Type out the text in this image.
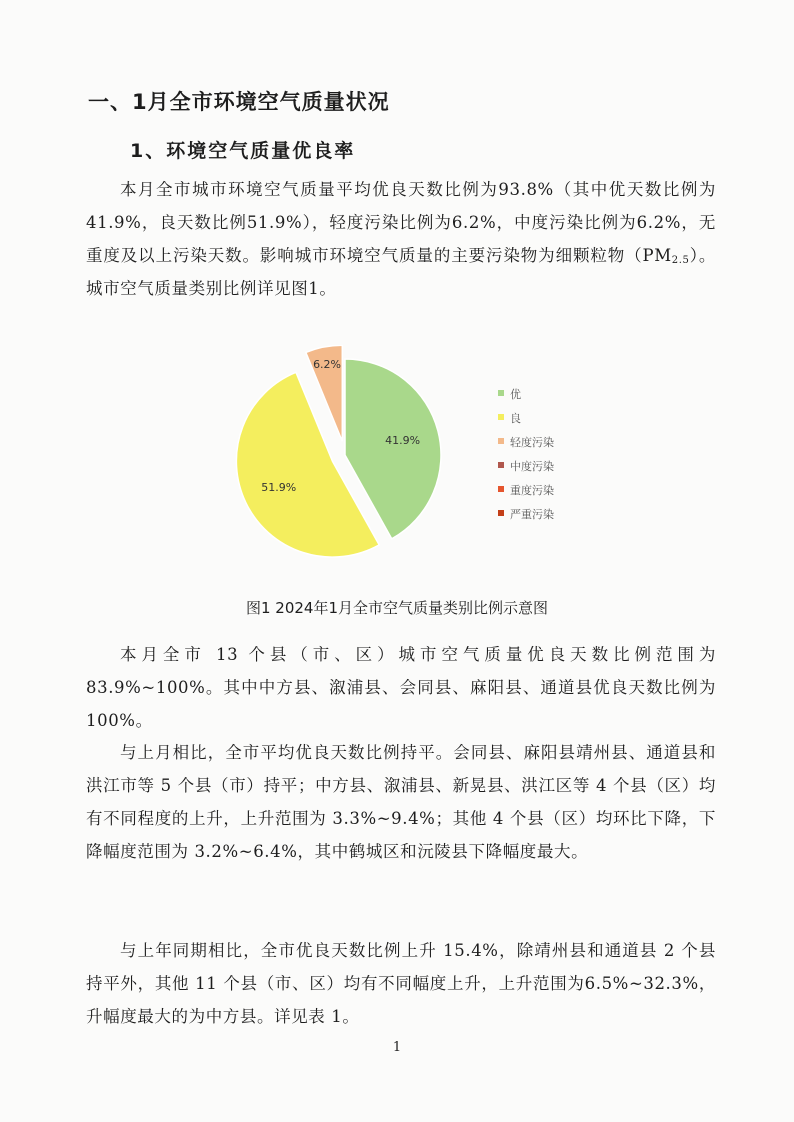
一、1月全市环境空气质量状况
1、环境空气质量优良率
本月全市城市环境空气质量平均优良天数比例为93.8%（其中优天数比例为41.9%，良天数比例51.9%），轻度污染比例为6.2%，中度污染比例为6.2%，无重度及以上污染天数。影响城市环境空气质量的主要污染物为细颗粒物$(PM_{2.5})$。城市空气质量类别比例详见图1。
41.9%
51.9%
6.2%
优
良
轻度污染
中度污染
重度污染
严重污染
图1 2024年1月全市空气质量类别比例示意图
本月全市 13 个县（市、区）城市空气质量优良天数比例范围为83.9%~100%。其中中方县、溆浦县、会同县、麻阳县、通道县优良天数比例为100%。
与上月相比，全市平均优良天数比例持平。会同县、麻阳县靖州县、通道县和洪江市等 5 个县（市）持平；中方县、溆浦县、新晃县、洪江区等 4 个县（区）均有不同程度的上升，上升范围为 3.3%~9.4%；其他 4 个县（区）均环比下降，下降幅度范围为 3.2%~6.4%，其中鹤城区和沅陵县下降幅度最大。
与上年同期相比，全市优良天数比例上升 15.4%，除靖州县和通道县 2 个县持平外，其他 11 个县（市、区）均有不同幅度上升，上升范围为6.5%~32.3%，升幅度最大的为中方县。详见表 1。
1
